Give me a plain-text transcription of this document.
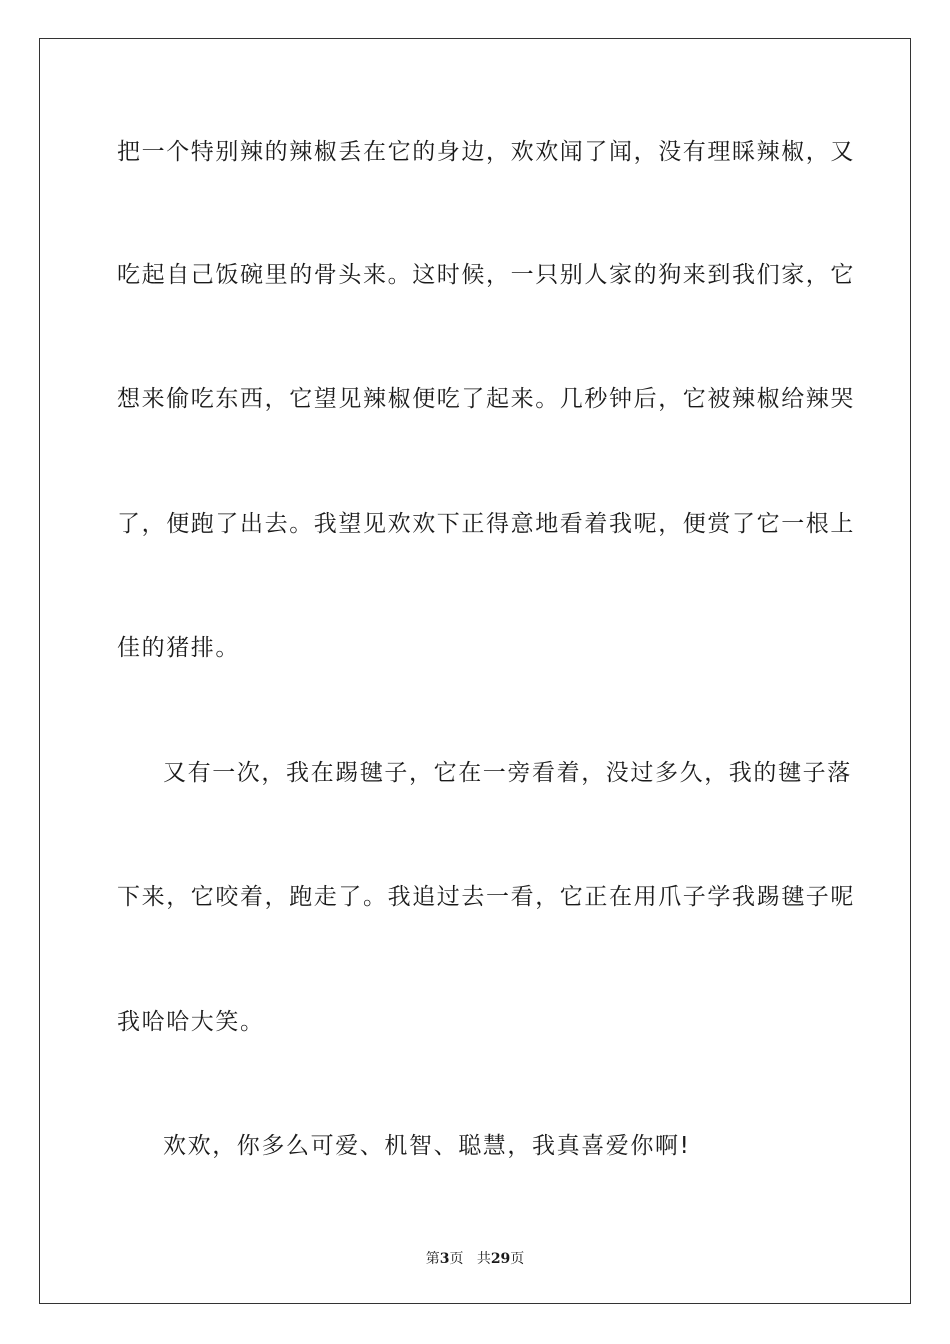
把一个特别辣的辣椒丢在它的身边，欢欢闻了闻，没有理睬辣椒，又
吃起自己饭碗里的骨头来。这时候，一只别人家的狗来到我们家，它
想来偷吃东西，它望见辣椒便吃了起来。几秒钟后，它被辣椒给辣哭
了，便跑了出去。我望见欢欢下正得意地看着我呢，便赏了它一根上
佳的猪排。
又有一次，我在踢毽子，它在一旁看着，没过多久，我的毽子落
下来，它咬着，跑走了。我追过去一看，它正在用爪子学我踢毽子呢
我哈哈大笑。
欢欢，你多么可爱、机智、聪慧，我真喜爱你啊!
第3页 共29页
